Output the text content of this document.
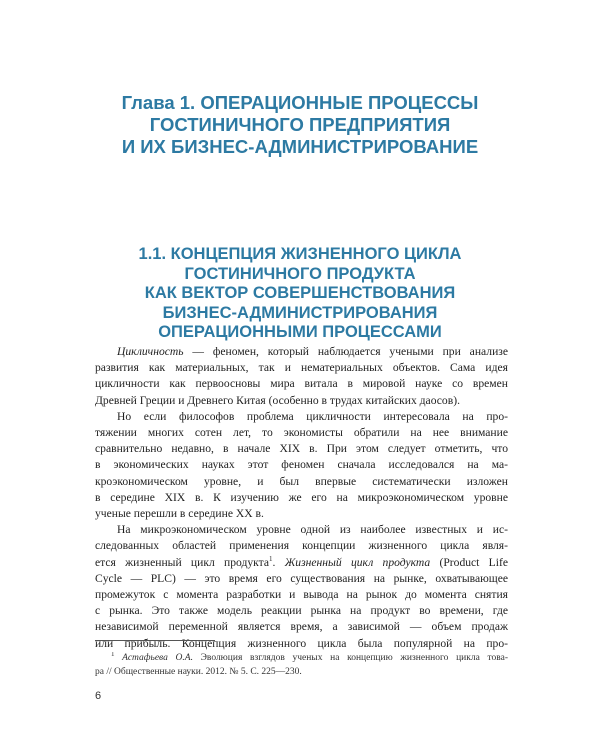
Глава 1. ОПЕРАЦИОННЫЕ ПРОЦЕССЫ
ГОСТИНИЧНОГО ПРЕДПРИЯТИЯ
И ИХ БИЗНЕС-АДМИНИСТРИРОВАНИЕ
1.1. КОНЦЕПЦИЯ ЖИЗНЕННОГО ЦИКЛА
ГОСТИНИЧНОГО ПРОДУКТА
КАК ВЕКТОР СОВЕРШЕНСТВОВАНИЯ
БИЗНЕС-АДМИНИСТРИРОВАНИЯ
ОПЕРАЦИОННЫМИ ПРОЦЕССАМИ
Цикличность — феномен, который наблюдается учеными при анализе
развития как материальных, так и нематериальных объектов. Сама идея
цикличности как первоосновы мира витала в мировой науке со времен
Древней Греции и Древнего Китая (особенно в трудах китайских даосов).
Но если философов проблема цикличности интересовала на про-
тяжении многих сотен лет, то экономисты обратили на нее внимание
сравнительно недавно, в начале XIX в. При этом следует отметить, что
в экономических науках этот феномен сначала исследовался на ма-
кроэкономическом уровне, и был впервые систематически изложен
в середине XIX в. К изучению же его на микроэкономическом уровне
ученые перешли в середине XX в.
На микроэкономическом уровне одной из наиболее известных и ис-
следованных областей применения концепции жизненного цикла явля-
ется жизненный цикл продукта$^1$. Жизненный цикл продукта (Product Life
Cycle — PLC) — это время его существования на рынке, охватывающее
промежуток с момента разработки и вывода на рынок до момента снятия
с рынка. Это также модель реакции рынка на продукт во времени, где
независимой переменной является время, а зависимой — объем продаж
или прибыль. Концепция жизненного цикла была популярной на про-
$^1$ Астафьева О.А. Эволюция взглядов ученых на концепцию жизненного цикла това-
ра // Общественные науки. 2012. № 5. С. 225—230.
6
